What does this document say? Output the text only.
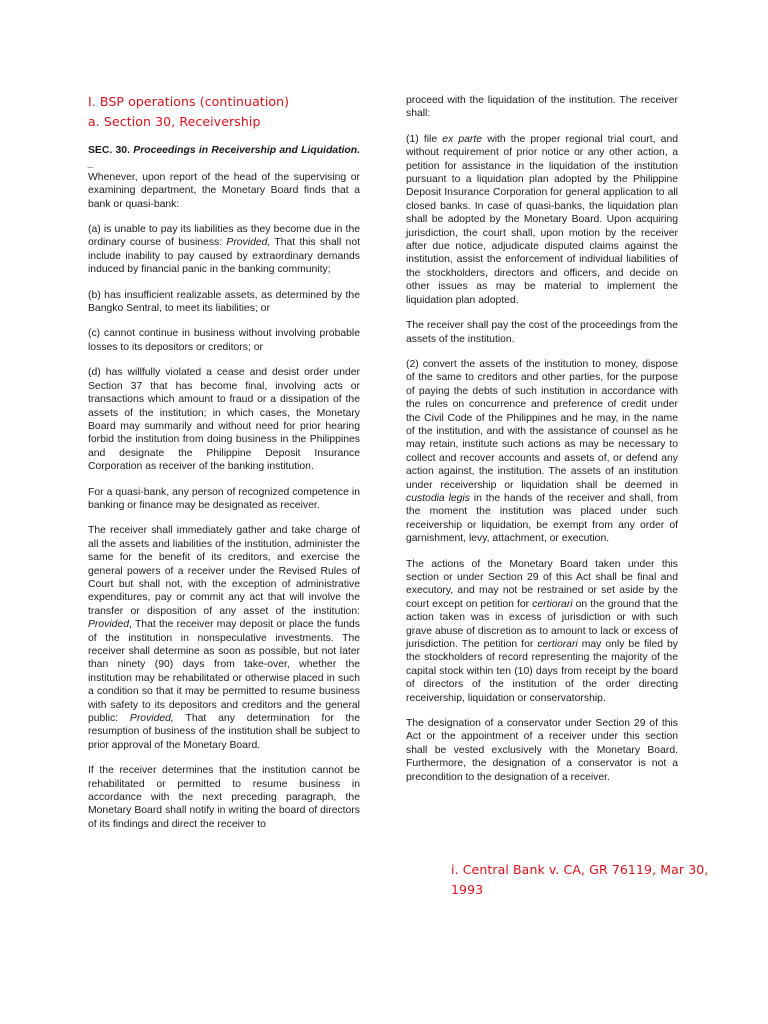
I. BSP operations (continuation)
a. Section 30, Receivership
SEC. 30. Proceedings in Receivership and Liquidation. _

Whenever, upon report of the head of the supervising or examining department, the Monetary Board finds that a bank or quasi-bank:

(a) is unable to pay its liabilities as they become due in the ordinary course of business: Provided, That this shall not include inability to pay caused by extraordinary demands induced by financial panic in the banking community;

(b) has insufficient realizable assets, as determined by the Bangko Sentral, to meet its liabilities; or

(c) cannot continue in business without involving probable losses to its depositors or creditors; or

(d) has willfully violated a cease and desist order under Section 37 that has become final, involving acts or transactions which amount to fraud or a dissipation of the assets of the institution; in which cases, the Monetary Board may summarily and without need for prior hearing forbid the institution from doing business in the Philippines and designate the Philippine Deposit Insurance Corporation as receiver of the banking institution.

For a quasi-bank, any person of recognized competence in banking or finance may be designated as receiver.

The receiver shall immediately gather and take charge of all the assets and liabilities of the institution, administer the same for the benefit of its creditors, and exercise the general powers of a receiver under the Revised Rules of Court but shall not, with the exception of administrative expenditures, pay or commit any act that will involve the transfer or disposition of any asset of the institution: Provided, That the receiver may deposit or place the funds of the institution in nonspeculative investments. The receiver shall determine as soon as possible, but not later than ninety (90) days from take-over, whether the institution may be rehabilitated or otherwise placed in such a condition so that it may be permitted to resume business with safety to its depositors and creditors and the general public: Provided, That any determination for the resumption of business of the institution shall be subject to prior approval of the Monetary Board.

If the receiver determines that the institution cannot be rehabilitated or permitted to resume business in accordance with the next preceding paragraph, the Monetary Board shall notify in writing the board of directors of its findings and direct the receiver to

proceed with the liquidation of the institution. The receiver shall:

(1) file ex parte with the proper regional trial court, and without requirement of prior notice or any other action, a petition for assistance in the liquidation of the institution pursuant to a liquidation plan adopted by the Philippine Deposit Insurance Corporation for general application to all closed banks. In case of quasi-banks, the liquidation plan shall be adopted by the Monetary Board. Upon acquiring jurisdiction, the court shall, upon motion by the receiver after due notice, adjudicate disputed claims against the institution, assist the enforcement of individual liabilities of the stockholders, directors and officers, and decide on other issues as may be material to implement the liquidation plan adopted.

The receiver shall pay the cost of the proceedings from the assets of the institution.

(2) convert the assets of the institution to money, dispose of the same to creditors and other parties, for the purpose of paying the debts of such institution in accordance with the rules on concurrence and preference of credit under the Civil Code of the Philippines and he may, in the name of the institution, and with the assistance of counsel as he may retain, institute such actions as may be necessary to collect and recover accounts and assets of, or defend any action against, the institution. The assets of an institution under receivership or liquidation shall be deemed in custodia legis in the hands of the receiver and shall, from the moment the institution was placed under such receivership or liquidation, be exempt from any order of garnishment, levy, attachment, or execution.

The actions of the Monetary Board taken under this section or under Section 29 of this Act shall be final and executory, and may not be restrained or set aside by the court except on petition for certiorari on the ground that the action taken was in excess of jurisdiction or with such grave abuse of discretion as to amount to lack or excess of jurisdiction. The petition for certiorari may only be filed by the stockholders of record representing the majority of the capital stock within ten (10) days from receipt by the board of directors of the institution of the order directing receivership, liquidation or conservatorship.

The designation of a conservator under Section 29 of this Act or the appointment of a receiver under this section shall be vested exclusively with the Monetary Board. Furthermore, the designation of a conservator is not a precondition to the designation of a receiver.

i. Central Bank v. CA, GR 76119, Mar 30,
1993
